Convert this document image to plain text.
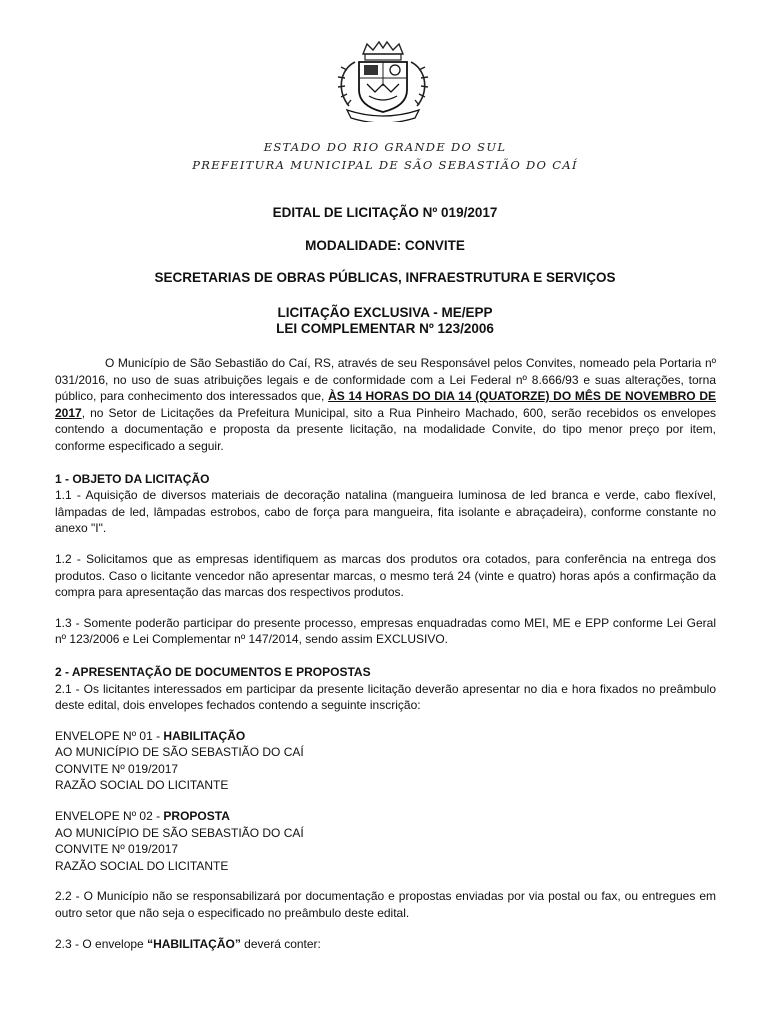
ESTADO DO RIO GRANDE DO SUL
PREFEITURA MUNICIPAL DE SÃO SEBASTIÃO DO CAÍ
EDITAL DE LICITAÇÃO Nº 019/2017
MODALIDADE: CONVITE
SECRETARIAS DE OBRAS PÚBLICAS, INFRAESTRUTURA E SERVIÇOS
LICITAÇÃO EXCLUSIVA - ME/EPP
LEI COMPLEMENTAR Nº 123/2006

O Município de São Sebastião do Caí, RS, através de seu Responsável pelos Convites, nomeado pela Portaria nº 031/2016, no uso de suas atribuições legais e de conformidade com a Lei Federal nº 8.666/93 e suas alterações, torna público, para conhecimento dos interessados que, ÀS 14 HORAS DO DIA 14 (QUATORZE) DO MÊS DE NOVEMBRO DE 2017, no Setor de Licitações da Prefeitura Municipal, sito a Rua Pinheiro Machado, 600, serão recebidos os envelopes contendo a documentação e proposta da presente licitação, na modalidade Convite, do tipo menor preço por item, conforme especificado a seguir.

1 - OBJETO DA LICITAÇÃO

1.1 - Aquisição de diversos materiais de decoração natalina (mangueira luminosa de led branca e verde, cabo flexível, lâmpadas de led, lâmpadas estrobos, cabo de força para mangueira, fita isolante e abraçadeira), conforme constante no anexo "I".

1.2 - Solicitamos que as empresas identifiquem as marcas dos produtos ora cotados, para conferência na entrega dos produtos. Caso o licitante vencedor não apresentar marcas, o mesmo terá 24 (vinte e quatro) horas após a confirmação da compra para apresentação das marcas dos respectivos produtos.

1.3 - Somente poderão participar do presente processo, empresas enquadradas como MEI, ME e EPP conforme Lei Geral nº 123/2006 e Lei Complementar nº 147/2014, sendo assim EXCLUSIVO.

2 - APRESENTAÇÃO DE DOCUMENTOS E PROPOSTAS

2.1 - Os licitantes interessados em participar da presente licitação deverão apresentar no dia e hora fixados no preâmbulo deste edital, dois envelopes fechados contendo a seguinte inscrição:

ENVELOPE Nº 01 - HABILITAÇÃO
AO MUNICÍPIO DE SÃO SEBASTIÃO DO CAÍ
CONVITE Nº 019/2017
RAZÃO SOCIAL DO LICITANTE
ENVELOPE Nº 02 - PROPOSTA
AO MUNICÍPIO DE SÃO SEBASTIÃO DO CAÍ
CONVITE Nº 019/2017
RAZÃO SOCIAL DO LICITANTE

2.2 - O Município não se responsabilizará por documentação e propostas enviadas por via postal ou fax, ou entregues em outro setor que não seja o especificado no preâmbulo deste edital.

2.3 - O envelope “HABILITAÇÃO” deverá conter:
